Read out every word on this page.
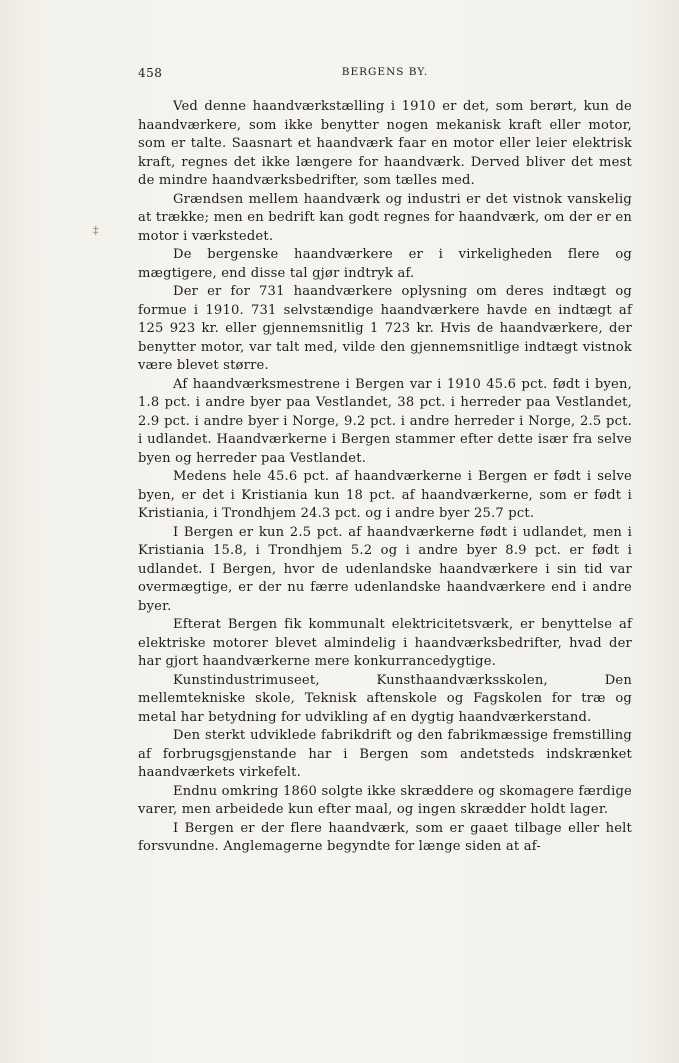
458	BERGENS BY.
‡

Ved denne haandværkstælling i 1910 er det, som berørt, kun de haandværkere, som ikke benytter nogen mekanisk kraft eller motor, som er talte. Saasnart et haandværk faar en motor eller leier elektrisk kraft, regnes det ikke længere for haandværk. Derved bliver det mest de mindre haandværksbedrifter, som tælles med.

Grændsen mellem haandværk og industri er det vistnok vanskelig at trække; men en bedrift kan godt regnes for haandværk, om der er en motor i værkstedet.

De bergenske haandværkere er i virkeligheden flere og mægtigere, end disse tal gjør indtryk af.

Der er for 731 haandværkere oplysning om deres indtægt og formue i 1910. 731 selvstændige haandværkere havde en indtægt af 125 923 kr. eller gjennemsnitlig 1 723 kr. Hvis de haandværkere, der benytter motor, var talt med, vilde den gjennemsnitlige indtægt vistnok være blevet større.

Af haandværksmestrene i Bergen var i 1910 45.6 pct. født i byen, 1.8 pct. i andre byer paa Vestlandet, 38 pct. i herreder paa Vestlandet, 2.9 pct. i andre byer i Norge, 9.2 pct. i andre herreder i Norge, 2.5 pct. i udlandet. Haandværkerne i Bergen stammer efter dette især fra selve byen og herreder paa Vestlandet.

Medens hele 45.6 pct. af haandværkerne i Bergen er født i selve byen, er det i Kristiania kun 18 pct. af haandværkerne, som er født i Kristiania, i Trondhjem 24.3 pct. og i andre byer 25.7 pct.

I Bergen er kun 2.5 pct. af haandværkerne født i udlandet, men i Kristiania 15.8, i Trondhjem 5.2 og i andre byer 8.9 pct. er født i udlandet. I Bergen, hvor de udenlandske haandværkere i sin tid var overmægtige, er der nu færre udenlandske haandværkere end i andre byer.

Efterat Bergen fik kommunalt elektricitetsværk, er benyttelse af elektriske motorer blevet almindelig i haandværksbedrifter, hvad der har gjort haandværkerne mere konkurrancedygtige.

Kunstindustrimuseet, Kunsthaandværksskolen, Den mellemtekniske skole, Teknisk aftenskole og Fagskolen for træ og metal har betydning for udvikling af en dygtig haandværkerstand.

Den sterkt udviklede fabrikdrift og den fabrikmæssige fremstilling af forbrugsgjenstande har i Bergen som andetsteds indskrænket haandværkets virkefelt.

Endnu omkring 1860 solgte ikke skræddere og skomagere færdige varer, men arbeidede kun efter maal, og ingen skrædder holdt lager.

I Bergen er der flere haandværk, som er gaaet tilbage eller helt forsvundne. Anglemagerne begyndte for længe siden at af-
